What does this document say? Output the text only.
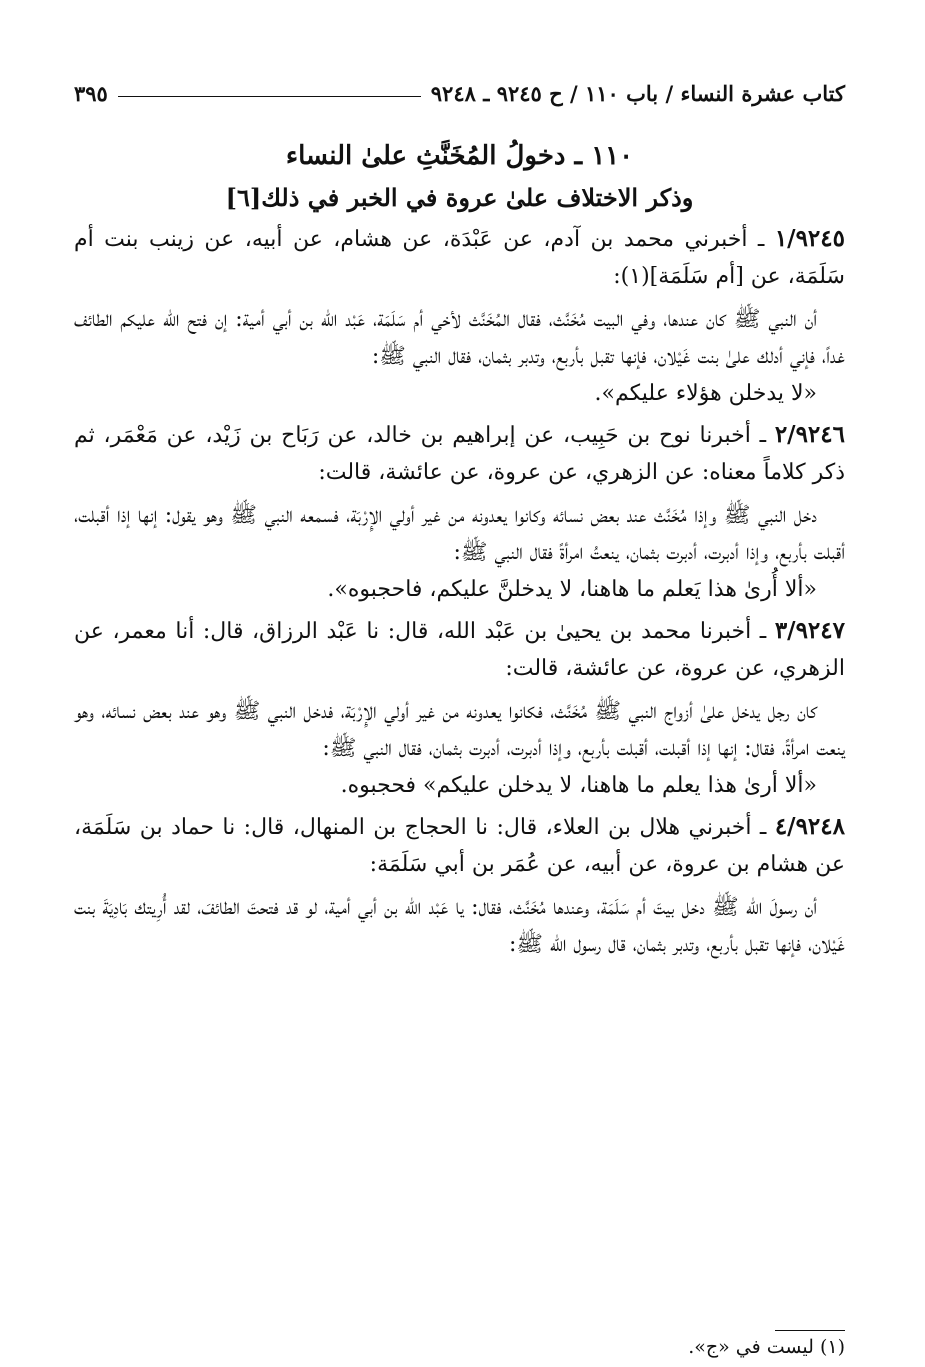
كتاب عشرة النساء / باب ١١٠ / ح ٩٢٤٥ ـ ٩٢٤٨
٣٩٥
١١٠ ـ دخولُ المُخَنَّثِ علىٰ النساء
وذكر الاختلاف علىٰ عروة في الخبر في ذلك[٦]

١/٩٢٤٥ ـ أخبرني محمد بن آدم، عن عَبْدَة، عن هشام، عن أبيه، عن زينب بنت أم سَلَمَة، عن [أم سَلَمَة](١):

أن النبي ﷺ كان عندها، وفي البيت مُخَنَّث، فقال المُخَنَّث لأخي أم سَلَمَة، عَبْد الله بن أبي أمية: إن فتح الله عليكم الطائف غداً، فإني أدلك علىٰ بنت غَيْلان، فإنها تقبل بأربع، وتدبر بثمان، فقال النبي ﷺ:

«لا يدخلن هؤلاء عليكم».

٢/٩٢٤٦ ـ أخبرنا نوح بن حَبِيب، عن إبراهيم بن خالد، عن رَبَاح بن زَيْد، عن مَعْمَر، ثم ذكر كلاماً معناه: عن الزهري، عن عروة، عن عائشة، قالت:

دخل النبي ﷺ وإذا مُخَنَّث عند بعض نسائه وكانوا يعدونه من غير أولي الإِرْبَة، فسمعه النبي ﷺ وهو يقول: إنها إذا أقبلت، أقبلت بأربع، وإذا أدبرت، أدبرت بثمان، ينعتُ امرأةً فقال النبي ﷺ:

«ألا أُرىٰ هذا يَعلم ما هاهنا، لا يدخلنَّ عليكم، فاحجبوه».

٣/٩٢٤٧ ـ أخبرنا محمد بن يحيىٰ بن عَبْد الله، قال: نا عَبْد الرزاق، قال: أنا معمر، عن الزهري، عن عروة، عن عائشة، قالت:

كان رجل يدخل علىٰ أزواج النبي ﷺ مُخَنَّث، فكانوا يعدونه من غير أولي الإِرْبَة، فدخل النبي ﷺ وهو عند بعض نسائه، وهو ينعت امرأةً، فقال: إنها إذا أقبلت، أقبلت بأربع، وإذا أدبرت، أدبرت بثمان، فقال النبي ﷺ:

«ألا أرىٰ هذا يعلم ما هاهنا، لا يدخلن عليكم» فحجبوه.

٤/٩٢٤٨ ـ أخبرني هلال بن العلاء، قال: نا الحجاج بن المنهال، قال: نا حماد بن سَلَمَة، عن هشام بن عروة، عن أبيه، عن عُمَر بن أبي سَلَمَة:

أن رسولَ الله ﷺ دخل بيتَ أم سَلَمَة، وعندها مُخَنَّث، فقال: يا عَبْد الله بن أبي أمية، لو قد فتحتَ الطائفَ، لقد أُرِيتك بَادِيَةَ بنت غَيْلان، فإنها تقبل بأربع، وتدبر بثمان، قال رسول الله ﷺ:

(١) ليست في «ج».
